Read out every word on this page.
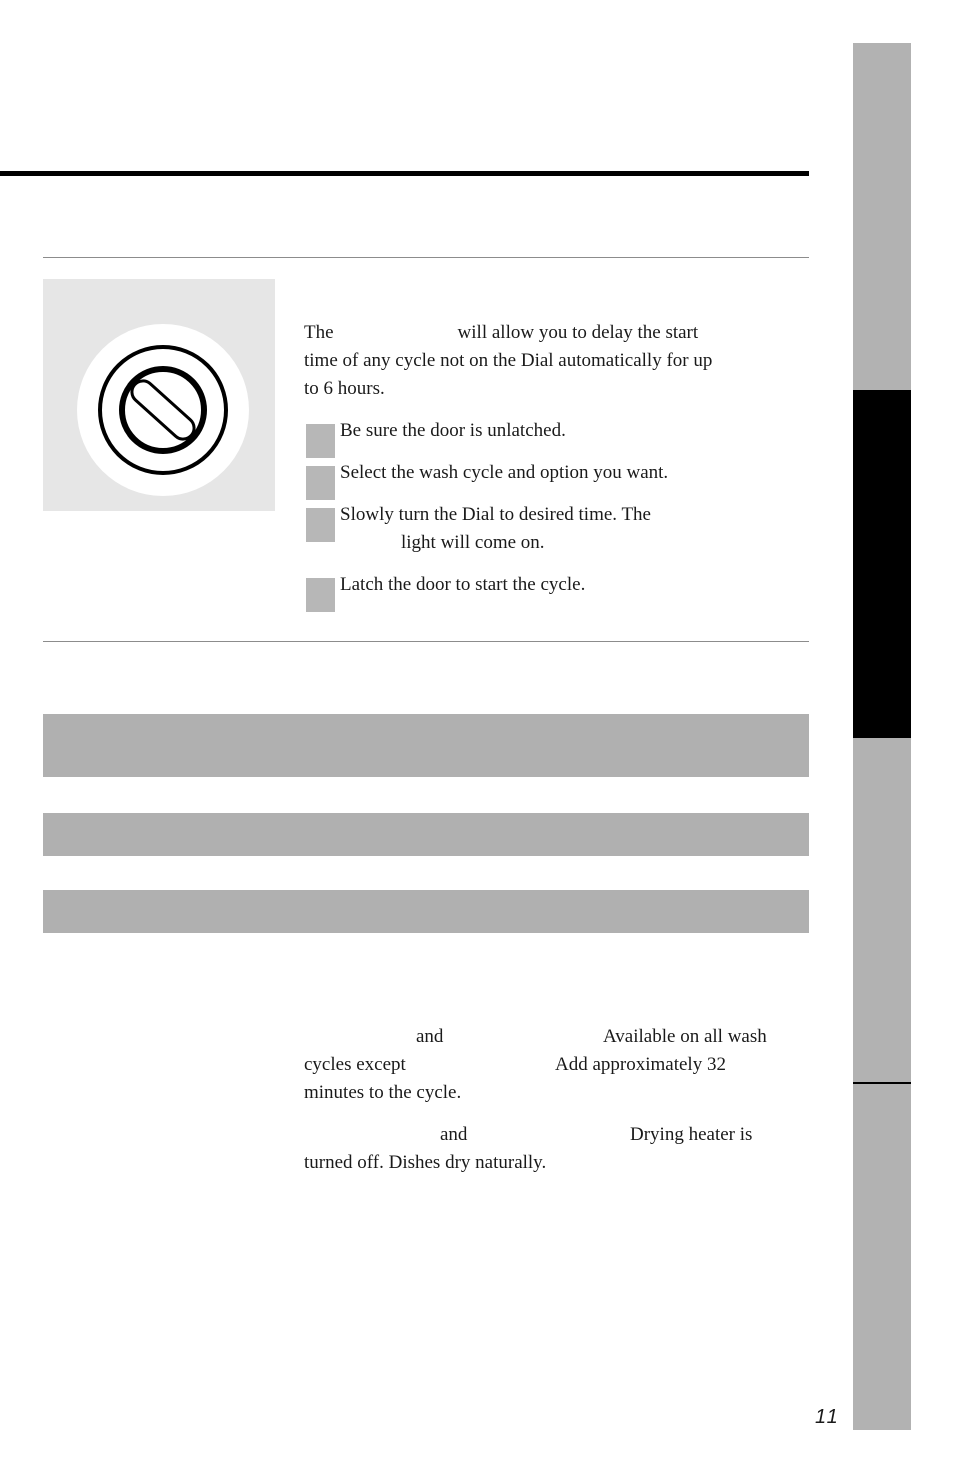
The	will allow you to delay the start
time of any cycle not on the Dial automatically for up
to 6 hours.
Be sure the door is unlatched.
Select the wash cycle and option you want.
Slowly turn the Dial to desired time. The
light will come on.
Latch the door to start the cycle.
and	Available on all wash
cycles except	Add approximately 32
minutes to the cycle.
and	Drying heater is
turned off. Dishes dry naturally.
11
